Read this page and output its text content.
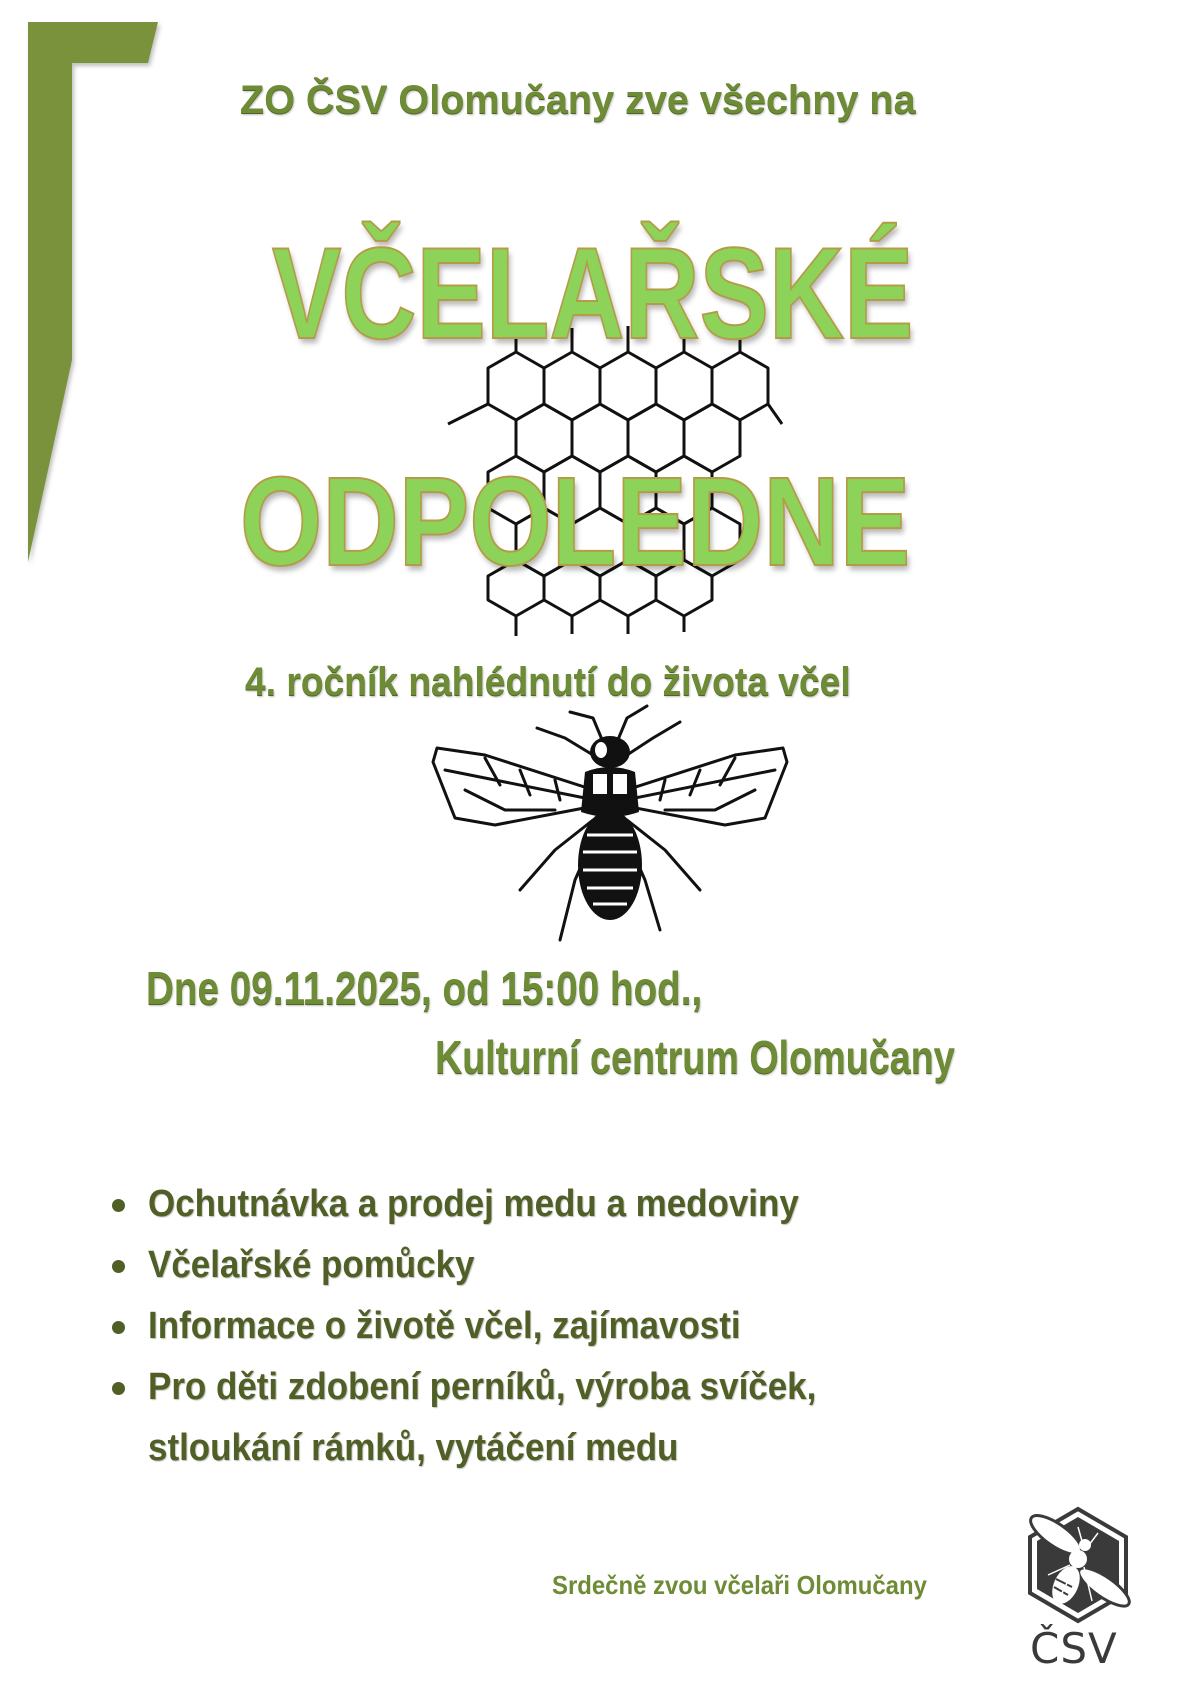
ZO ČSV Olomučany zve všechny na
VČELAŘSKÉ
ODPOLEDNE
4. ročník nahlédnutí do života včel
Dne 09.11.2025, od 15:00 hod.,
Kulturní centrum Olomučany
Ochutnávka a prodej medu a medoviny
Včelařské pomůcky
Informace o životě včel, zajímavosti
Pro děti zdobení perníků, výroba svíček,
stloukání rámků, vytáčení medu
Srdečně zvou včelaři Olomučany
ČSV
